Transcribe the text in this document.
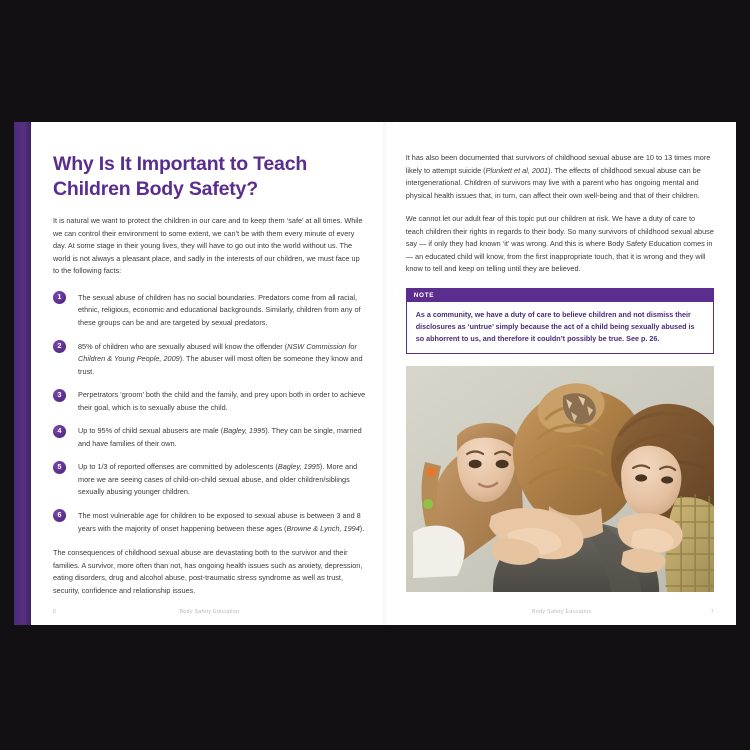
Why Is It Important to Teach Children Body Safety?

It is natural we want to protect the children in our care and to keep them ‘safe’ at all times. While we can control their environment to some extent, we can’t be with them every minute of every day. At some stage in their young lives, they will have to go out into the world without us. The world is not always a pleasant place, and sadly in the interests of our children, we must face up to the following facts:

1	The sexual abuse of children has no social boundaries. Predators come from all racial, ethnic, religious, economic and educational backgrounds. Similarly, children from any of these groups can be and are targeted by sexual predators.
2	85% of children who are sexually abused will know the offender (NSW Commission for Children & Young People, 2009). The abuser will most often be someone they know and trust.
3	Perpetrators ‘groom’ both the child and the family, and prey upon both in order to achieve their goal, which is to sexually abuse the child.
4	Up to 95% of child sexual abusers are male (Bagley, 1995). They can be single, married and have families of their own.
5	Up to 1/3 of reported offenses are committed by adolescents (Bagley, 1995). More and more we are seeing cases of child-on-child sexual abuse, and older children/siblings sexually abusing younger children.
6	The most vulnerable age for children to be exposed to sexual abuse is between 3 and 8 years with the majority of onset happening between these ages (Browne & Lynch, 1994).

The consequences of childhood sexual abuse are devastating both to the survivor and their families. A survivor, more often than not, has ongoing health issues such as anxiety, depression, eating disorders, drug and alcohol abuse, post-traumatic stress syndrome as well as trust, security, confidence and relationship issues.

6	Body Safety Education

It has also been documented that survivors of childhood sexual abuse are 10 to 13 times more likely to attempt suicide (Plunkett et al, 2001). The effects of childhood sexual abuse can be intergenerational. Children of survivors may live with a parent who has ongoing mental and physical health issues that, in turn, can affect their own well-being and that of their children.

We cannot let our adult fear of this topic put our children at risk. We have a duty of care to teach children their rights in regards to their body. So many survivors of childhood sexual abuse say — if only they had known ‘it’ was wrong. And this is where Body Safety Education comes in — an educated child will know, from the first inappropriate touch, that it is wrong and they will know to tell and keep on telling until they are believed.

NOTE
As a community, we have a duty of care to believe children and not dismiss their disclosures as ‘untrue’ simply because the act of a child being sexually abused is so abhorrent to us, and therefore it couldn’t possibly be true. See p. 26.
Body Safety Education	7
